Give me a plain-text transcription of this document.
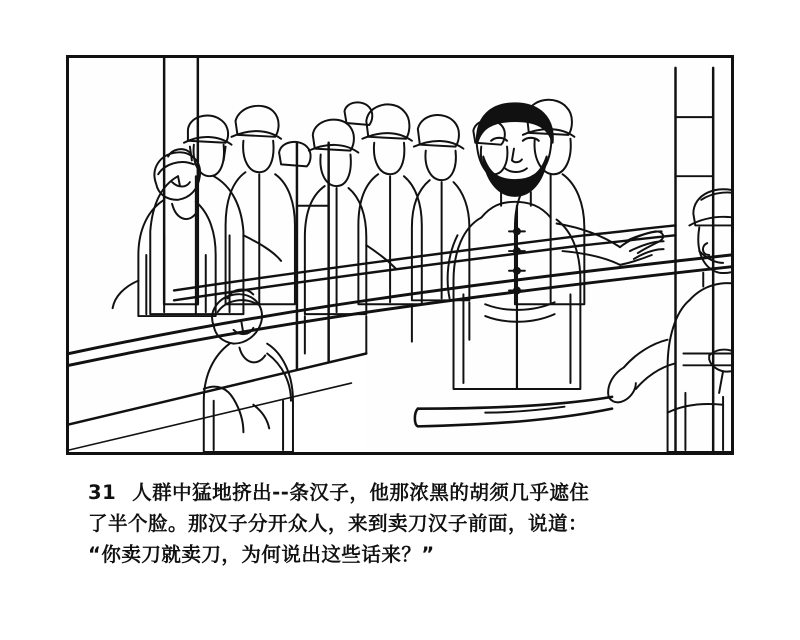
31 人群中猛地挤出--条汉子，他那浓黑的胡须几乎遮住
了半个脸。那汉子分开众人，来到卖刀汉子前面，说道：
“你卖刀就卖刀，为何说出这些话来？”
